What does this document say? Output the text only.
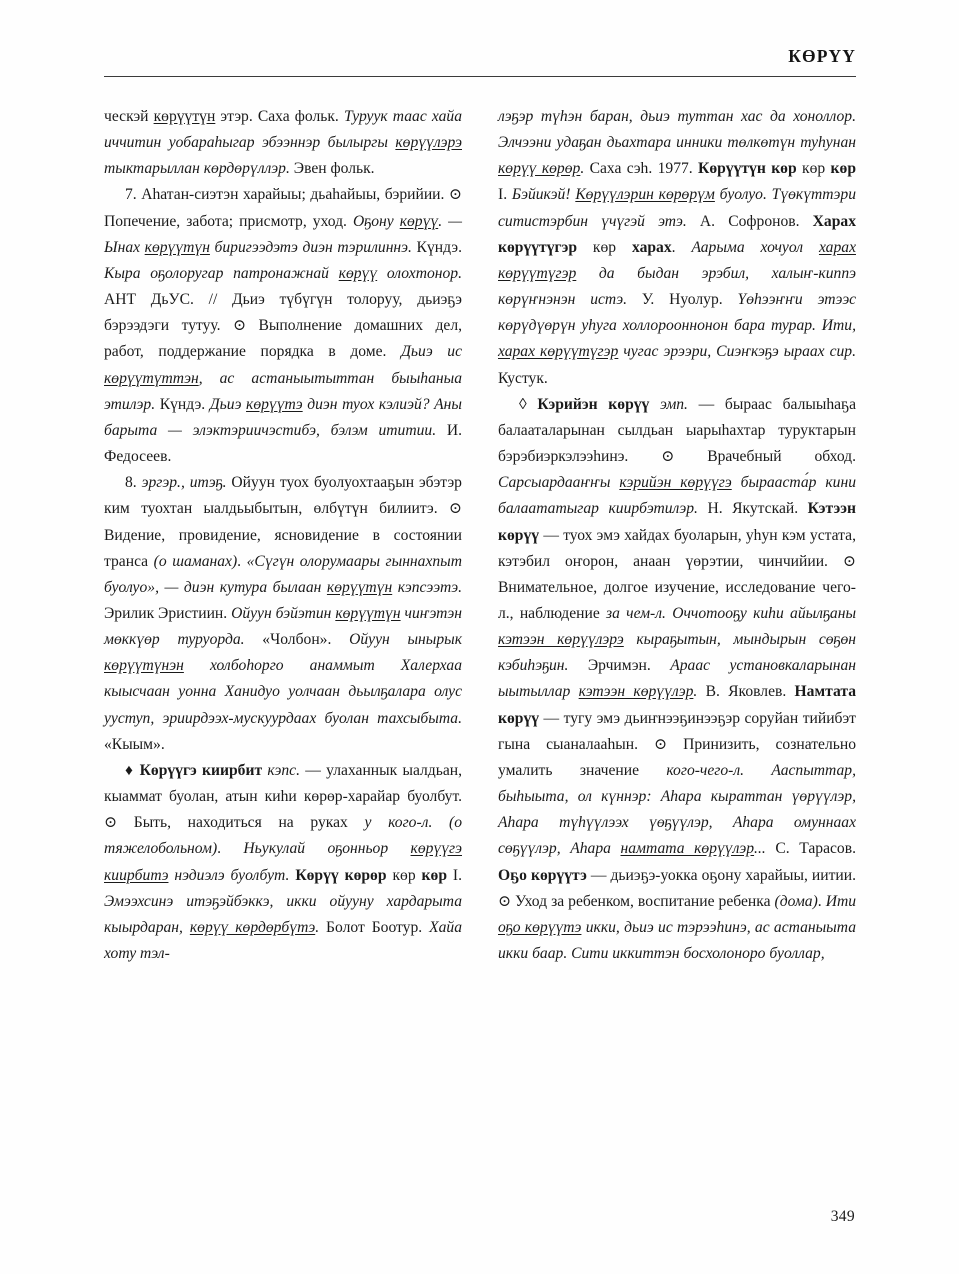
КӨРҮҮ

ческэй көрүүтүн этэр. Саха фольк. Туруук таас хайа иччитин уобараһыгар эбээннэр былыргы көрүүлэрэ тыктарыллан көрдөрүллэр. Эвен фольк.

7. Аһатан-сиэтэн харайыы; дьаһайыы, бэрийии. ⊙ Попечение, забота; присмотр, уход. Оҕону көрүү. — Ынах көрүүтүн биригээдэтэ диэн тэрилиннэ. Күндэ. Кыра оҕолоругар патронажнай көрүү олохтонор. АНТ ДьУС. // Дьиэ түбүгүн толоруу, дьиэҕэ бэрээдэги тутуу. ⊙ Выполнение домашних дел, работ, поддержание порядка в доме. Дьиэ ис көрүүтүттэн, ас астаныытыттан быыһаныа этилэр. Күндэ. Дьиэ көрүүтэ диэн туох кэлиэй? Аны барыта — элэктэриичэстибэ, бэлэм ититии. И. Федосеев.

8. эргэр., итэҕ. Ойуун туох буолуохтааҕын эбэтэр ким туохтан ыалдьыбытын, өлбүтүн билиитэ. ⊙ Видение, провидение, ясновидение в состоянии транса (о шаманах). «Сүгүн олорумаары гыннахпыт буолуо», — диэн кутура былаан көрүүтүн кэпсээтэ. Эрилик Эристиин. Ойуун бэйэтин көрүүтүн чиҥэтэн мөккүөр туруорда. «Чолбон». Ойуун ынырык көрүүтүнэн холбоһорго анаммыт Халерхаа кыысчаан уонна Ханидуо уолчаан дьылҕалара олус ууступ, эриирдээх-мускуурдаах буолан тахсыбыта. «Кыым».

♦ Көрүүгэ киирбит кэпс. — улаханнык ыалдьан, кыаммат буолан, атын киһи көрөр-харайар буолбут. ⊙ Быть, находиться на руках у кого-л. (о тяжелобольном). Ньукулай оҕонньор көрүүгэ киирбитэ нэдиэлэ буолбут. Көрүү көрөр көр көр I. Эмээхсинэ итэҕэйбэккэ, икки ойууну хардарыта кыырдаран, көрүү көрдөрбүтэ. Болот Боотур. Хайа хоту тэл-

лэҕэр түһэн баран, дьиэ туттан хас да хоноллор. Элчээни удаҕан дьахтара инники төлкөтүн туһунан көрүү көрөр. Саха сэһ. 1977. Көрүүтүн көр көр көр I. Бэйикэй! Көрүүлэрин көрөрүм буолуо. Түөкүттэри ситистэрбин үчүгэй этэ. А. Софронов. Харах көрүүтүгэр көр харах. Аарыма хочуол харах көрүүтүгэр да быдан эрэбил, халыҥ-киппэ көрүҥнэнэн истэ. У. Нуолур. Үөһээҥҥи этээс көрүдүөрүн уһуга холлорооннонон бара турар. Ити, харах көрүүтүгэр чугас эрээри, Сиэҥкэҕэ ыраах сир. Кустук.

◊ Кэрийэн көрүү эмп. — быраас балыыһаҕа балааталарынан сылдьан ыарыһахтар туруктарын бэрэбиэркэлээһинэ. ⊙ Врачебный обход. Сарсыардааҥҥы кэрийэн көрүүгэ бырааста́р кини балаататыгар киирбэтилэр. Н. Якутскай. Кэтээн көрүү — туох эмэ хайдах буоларын, уһун кэм устата, кэтэбил оҥорон, анаан үөрэтии, чинчийии. ⊙ Внимательное, долгое изучение, исследование чего-л., наблюдение за чем-л. Оччотооҕу киһи айылҕаны кэтээн көрүүлэрэ кыраҕытын, мындырын сөҕөн кэбиһэҕин. Эрчимэн. Араас установкаларынан ыытыллар кэтээн көрүүлэр. В. Яковлев. Намтата көрүү — тугу эмэ дьиҥнээҕинээҕэр соруйан тийибэт гына сыаналааһын. ⊙ Принизить, сознательно умалить значение кого-чего-л. Ааспыттар, быһыыта, ол күннэр: Аһара кыраттан үөрүүлэр, Аһара түһүүлээх үөҕүүлэр, Аһара омуннаах сөҕүүлэр, Аһара намтата көрүүлэр... С. Тарасов. Оҕо көрүүтэ — дьиэҕэ-уокка оҕону харайыы, иитии. ⊙ Уход за ребенком, воспитание ребенка (дома). Ити оҕо көрүүтэ икки, дьиэ ис тэрээһинэ, ас астаныыта икки баар. Сити иккиттэн босхолоноро буоллар,

349
